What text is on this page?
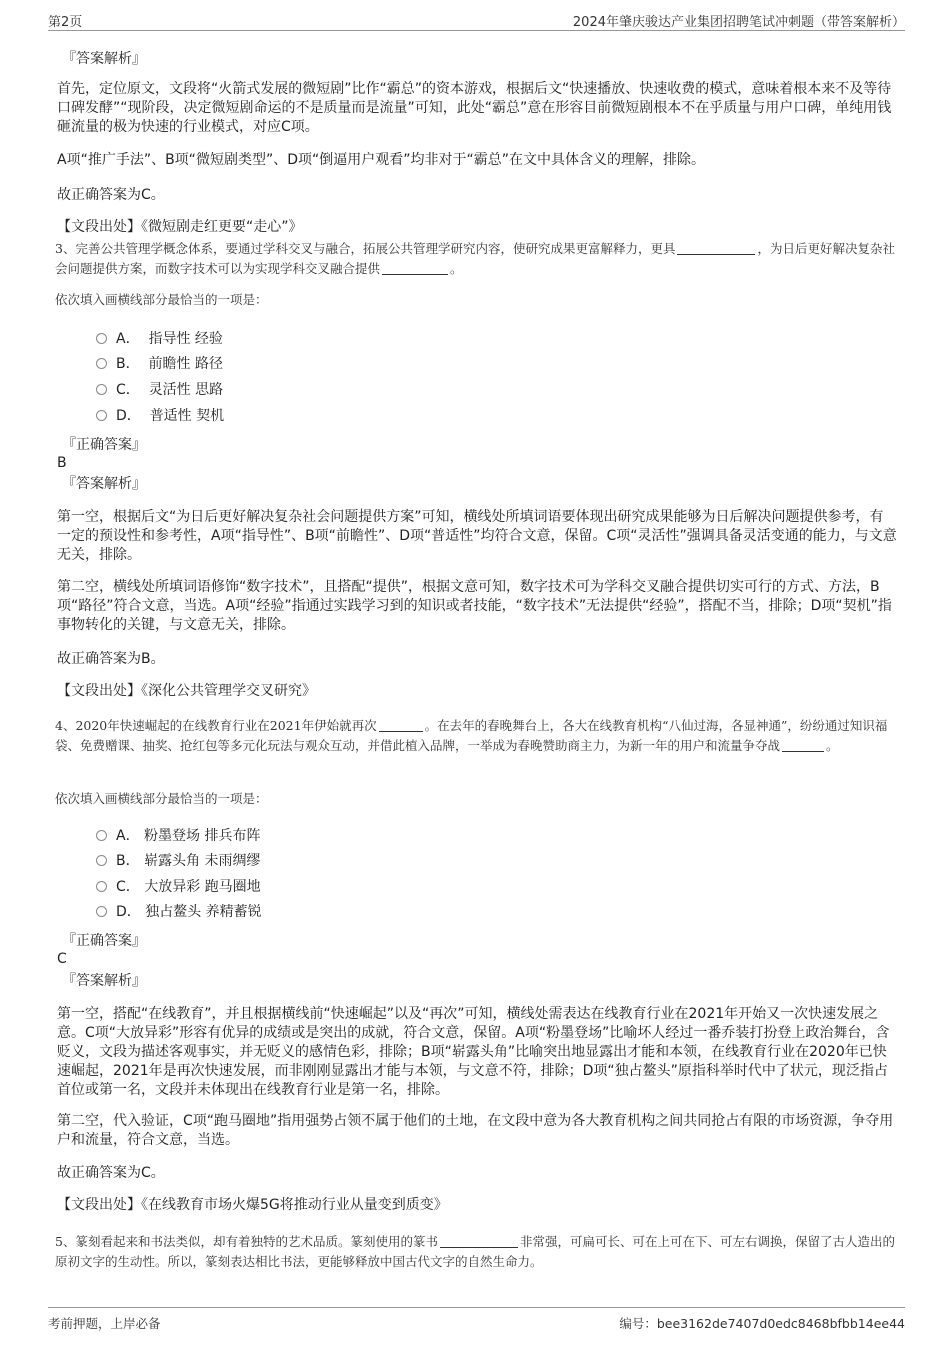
第2页	2024年肇庆骏达产业集团招聘笔试冲刺题（带答案解析）
『答案解析』
首先，定位原文，文段将“火箭式发展的微短剧”比作“霸总”的资本游戏，根据后文“快速播放、快速收费的模式，意味着根本来不及等待口碑发酵”“现阶段，决定微短剧命运的不是质量而是流量”可知，此处“霸总”意在形容目前微短剧根本不在乎质量与用户口碑，单纯用钱砸流量的极为快速的行业模式，对应C项。
A项“推广手法”、B项“微短剧类型”、D项“倒逼用户观看”均非对于“霸总”在文中具体含义的理解，排除。
故正确答案为C。
【文段出处】《微短剧走红更要“走心”》
3、完善公共管理学概念体系，要通过学科交叉与融合，拓展公共管理学研究内容，使研究成果更富解释力，更具	，为日后更好解决复杂社会问题提供方案，而数字技术可以为实现学科交叉融合提供	。
依次填入画横线部分最恰当的一项是：
A． 指导性 经验
B． 前瞻性 路径
C． 灵活性 思路
D． 普适性 契机
『正确答案』
B
『答案解析』
第一空，根据后文“为日后更好解决复杂社会问题提供方案”可知，横线处所填词语要体现出研究成果能够为日后解决问题提供参考，有一定的预设性和参考性，A项“指导性”、B项“前瞻性”、D项“普适性”均符合文意，保留。C项“灵活性”强调具备灵活变通的能力，与文意无关，排除。
第二空，横线处所填词语修饰“数字技术”，且搭配“提供”，根据文意可知，数字技术可为学科交叉融合提供切实可行的方式、方法，B项“路径”符合文意，当选。A项“经验”指通过实践学习到的知识或者技能，“数字技术”无法提供“经验”，搭配不当，排除；D项“契机”指事物转化的关键，与文意无关，排除。
故正确答案为B。
【文段出处】《深化公共管理学交叉研究》
4、2020年快速崛起的在线教育行业在2021年伊始就再次	。在去年的春晚舞台上，各大在线教育机构“八仙过海，各显神通”，纷纷通过知识福袋、免费赠课、抽奖、抢红包等多元化玩法与观众互动，并借此植入品牌，一举成为春晚赞助商主力，为新一年的用户和流量争夺战	。
依次填入画横线部分最恰当的一项是：
A． 粉墨登场 排兵布阵
B． 崭露头角 未雨绸缪
C． 大放异彩 跑马圈地
D． 独占鳌头 养精蓄锐
『正确答案』
C
『答案解析』
第一空，搭配“在线教育”，并且根据横线前“快速崛起”以及“再次”可知，横线处需表达在线教育行业在2021年开始又一次快速发展之意。C项“大放异彩”形容有优异的成绩或是突出的成就，符合文意，保留。A项“粉墨登场”比喻坏人经过一番乔装打扮登上政治舞台，含贬义，文段为描述客观事实，并无贬义的感情色彩，排除；B项“崭露头角”比喻突出地显露出才能和本领，在线教育行业在2020年已快速崛起，2021年是再次快速发展，而非刚刚显露出才能与本领，与文意不符，排除；D项“独占鳌头”原指科举时代中了状元，现泛指占首位或第一名，文段并未体现出在线教育行业是第一名，排除。
第二空，代入验证，C项“跑马圈地”指用强势占领不属于他们的土地，在文段中意为各大教育机构之间共同抢占有限的市场资源，争夺用户和流量，符合文意，当选。
故正确答案为C。
【文段出处】《在线教育市场火爆5G将推动行业从量变到质变》
5、篆刻看起来和书法类似，却有着独特的艺术品质。篆刻使用的篆书	非常强，可扁可长、可在上可在下、可左右调换，保留了古人造出的原初文字的生动性。所以，篆刻表达相比书法，更能够释放中国古代文字的自然生命力。
考前押题，上岸必备	编号：bee3162de7407d0edc8468bfbb14ee44
